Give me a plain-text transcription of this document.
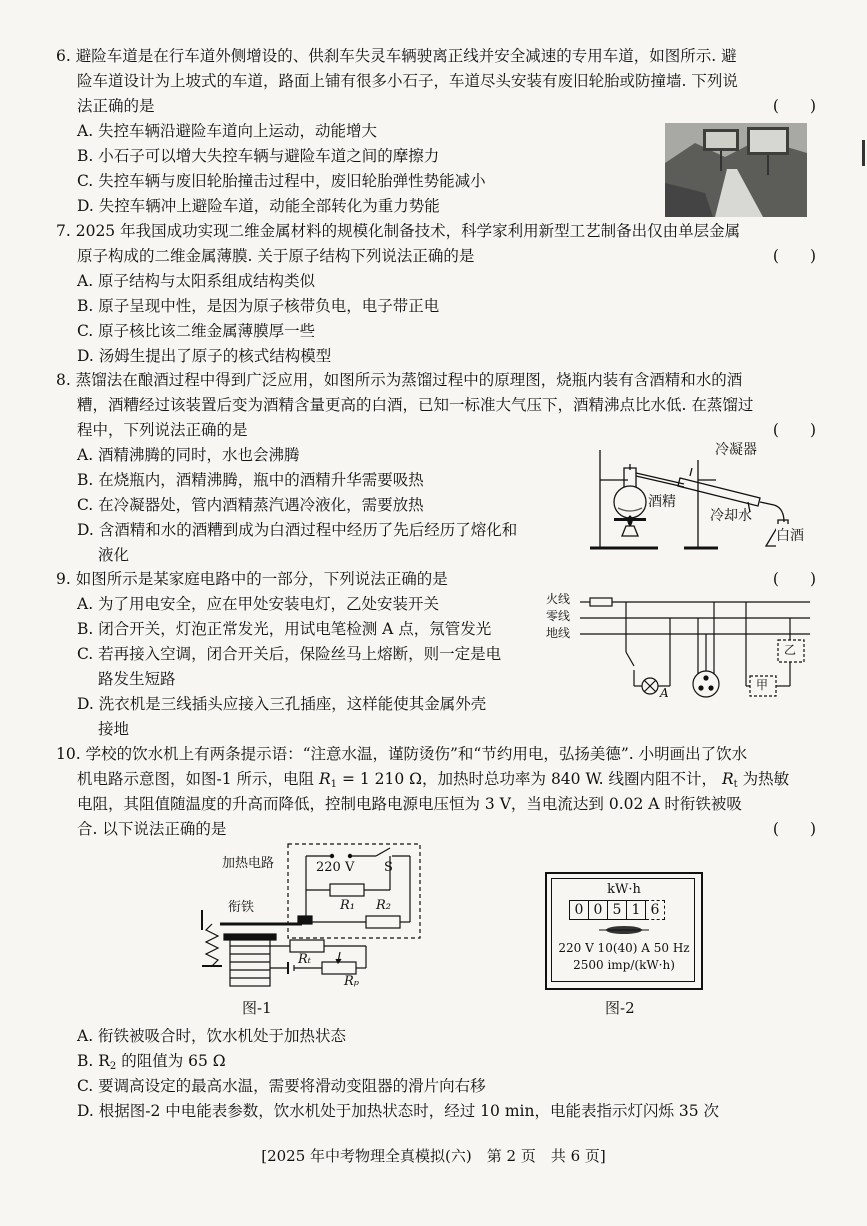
6. 避险车道是在行车道外侧增设的、供刹车失灵车辆驶离正线并安全减速的专用车道，如图所示. 避
险车道设计为上坡式的车道，路面上铺有很多小石子，车道尽头安装有废旧轮胎或防撞墙. 下列说
法正确的是	(　　)
A. 失控车辆沿避险车道向上运动，动能增大
B. 小石子可以增大失控车辆与避险车道之间的摩擦力
C. 失控车辆与废旧轮胎撞击过程中，废旧轮胎弹性势能减小
D. 失控车辆冲上避险车道，动能全部转化为重力势能
7. 2025 年我国成功实现二维金属材料的规模化制备技术，科学家利用新型工艺制备出仅由单层金属
原子构成的二维金属薄膜. 关于原子结构下列说法正确的是	(　　)
A. 原子结构与太阳系组成结构类似
B. 原子呈现中性，是因为原子核带负电，电子带正电
C. 原子核比该二维金属薄膜厚一些
D. 汤姆生提出了原子的核式结构模型
8. 蒸馏法在酿酒过程中得到广泛应用，如图所示为蒸馏过程中的原理图，烧瓶内装有含酒精和水的酒
糟，酒糟经过该装置后变为酒精含量更高的白酒，已知一标准大气压下，酒精沸点比水低. 在蒸馏过
程中，下列说法正确的是	(　　)
A. 酒精沸腾的同时，水也会沸腾
B. 在烧瓶内，酒精沸腾，瓶中的酒精升华需要吸热
C. 在冷凝器处，管内酒精蒸汽遇冷液化，需要放热
D. 含酒精和水的酒糟到成为白酒过程中经历了先后经历了熔化和
液化
冷凝器
酒精
冷却水
白酒
9. 如图所示是某家庭电路中的一部分，下列说法正确的是	(　　)
A. 为了用电安全，应在甲处安装电灯，乙处安装开关
B. 闭合开关，灯泡正常发光，用试电笔检测 A 点，氖管发光
C. 若再接入空调，闭合开关后，保险丝马上熔断，则一定是电
路发生短路
D. 洗衣机是三线插头应接入三孔插座，这样能使其金属外壳
接地
火线
零线
地线
A
甲
乙
10. 学校的饮水机上有两条提示语：“注意水温，谨防烫伤”和“节约用电，弘扬美德”. 小明画出了饮水
机电路示意图，如图-1 所示，电阻 $R_1 = 1$ 210 Ω，加热时总功率为 840 W. 线圈内阻不计， $R_t$ 为热敏
电阻，其阻值随温度的升高而降低，控制电路电源电压恒为 3 V，当电流达到 0.02 A 时衔铁被吸
合. 以下说法正确的是	(　　)
加热电路
衔铁
220 V S
R₁ R₂
Rₜ
Rₚ
图-1
kW·h
0 0 5 1 6
220 V 10(40) A 50 Hz
2500 imp/(kW·h)
图-2
A. 衔铁被吸合时，饮水机处于加热状态
B. $R_2$ 的阻值为 65 Ω
C. 要调高设定的最高水温，需要将滑动变阻器的滑片向右移
D. 根据图-2 中电能表参数，饮水机处于加热状态时，经过 10 min，电能表指示灯闪烁 35 次
[2025 年中考物理全真模拟(六)　第 2 页　共 6 页]
